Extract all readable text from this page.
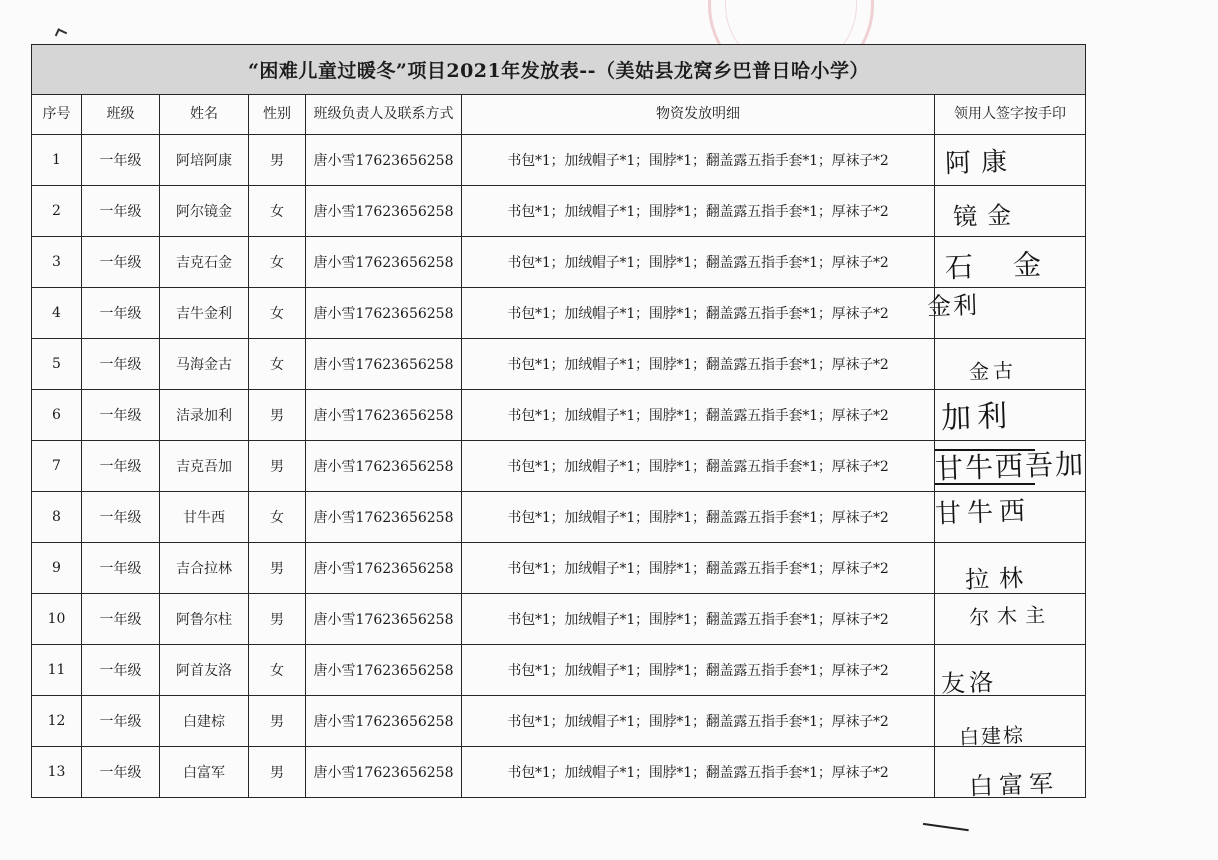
“困难儿童过暖冬”项目2021年发放表--（美姑县龙窝乡巴普日哈小学）						
序号	班级	姓名	性别	班级负责人及联系方式	物资发放明细	领用人签字按手印
1	一年级	阿培阿康	男	唐小雪17623656258	书包*1；加绒帽子*1；围脖*1；翻盖露五指手套*1；厚袜子*2	阿康

2	一年级	阿尔镜金	女	唐小雪17623656258	书包*1；加绒帽子*1；围脖*1；翻盖露五指手套*1；厚袜子*2	镜金

3	一年级	吉克石金	女	唐小雪17623656258	书包*1；加绒帽子*1；围脖*1；翻盖露五指手套*1；厚袜子*2	石金

4	一年级	吉牛金利	女	唐小雪17623656258	书包*1；加绒帽子*1；围脖*1；翻盖露五指手套*1；厚袜子*2	金利

5	一年级	马海金古	女	唐小雪17623656258	书包*1；加绒帽子*1；围脖*1；翻盖露五指手套*1；厚袜子*2	金古

6	一年级	洁录加利	男	唐小雪17623656258	书包*1；加绒帽子*1；围脖*1；翻盖露五指手套*1；厚袜子*2	加利

7	一年级	吉克吾加	男	唐小雪17623656258	书包*1；加绒帽子*1；围脖*1；翻盖露五指手套*1；厚袜子*2	甘牛西吾加

8	一年级	甘牛西	女	唐小雪17623656258	书包*1；加绒帽子*1；围脖*1；翻盖露五指手套*1；厚袜子*2	甘牛西

9	一年级	吉合拉林	男	唐小雪17623656258	书包*1；加绒帽子*1；围脖*1；翻盖露五指手套*1；厚袜子*2	拉林

10	一年级	阿鲁尔柱	男	唐小雪17623656258	书包*1；加绒帽子*1；围脖*1；翻盖露五指手套*1；厚袜子*2	尔木主

11	一年级	阿首友洛	女	唐小雪17623656258	书包*1；加绒帽子*1；围脖*1；翻盖露五指手套*1；厚袜子*2	友洛

12	一年级	白建棕	男	唐小雪17623656258	书包*1；加绒帽子*1；围脖*1；翻盖露五指手套*1；厚袜子*2	白建棕

13	一年级	白富军	男	唐小雪17623656258	书包*1；加绒帽子*1；围脖*1；翻盖露五指手套*1；厚袜子*2	白富军
